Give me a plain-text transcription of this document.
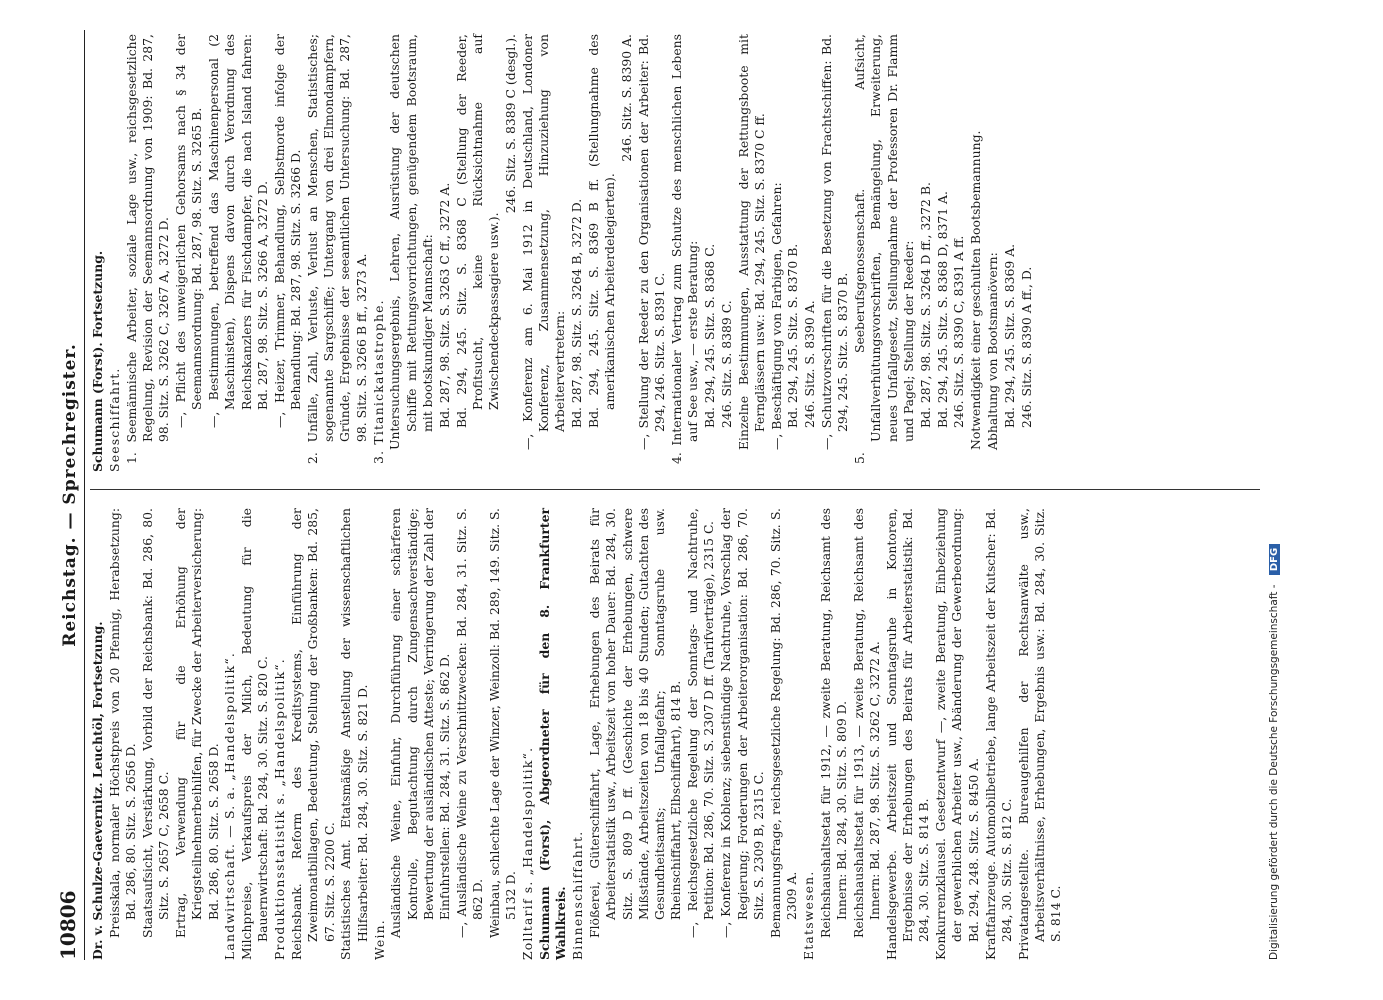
10806
Reichstag. — Sprechregister.

Dr. v. Schulze-Gaevernitz. Leuchtöl, Fortsetzung. Preisskala, normaler Höchstpreis von 20 Pfennig, Herabsetzung: Bd. 286, 80. Sitz. S. 2656 D. Staatsaufsicht, Verstärkung, Vorbild der Reichsbank: Bd. 286, 80. Sitz. S. 2657 C, 2658 C. Ertrag, Verwendung für die Erhöhung der Kriegsteilnehmerbeihilfen, für Zwecke der Arbeiterversicherung: Bd. 286, 80. Sitz. S. 2658 D. Landwirtschaft. — S. a. „Handelspolitik“. Milchpreise, Verkaufspreis der Milch, Bedeutung für die Bauernwirtschaft: Bd. 284, 30. Sitz. S. 820 C. Produktionsstatistik s. „Handelspolitik“. Reichsbank. Reform des Kreditsystems, Einführung der Zweimonatbillagen, Bedeutung, Stellung der Großbanken: Bd. 285, 67. Sitz. S. 2200 C. Statistisches Amt. Etatsmäßige Anstellung der wissenschaftlichen Hilfsarbeiter: Bd. 284, 30. Sitz. S. 821 D. Wein.

Ausländische Weine, Einfuhr, Durchführung einer schärferen Kontrolle, Begutachtung durch Zungensachverständige; Bewertung der ausländischen Atteste; Verringerung der Zahl der Einfuhrstellen: Bd. 284, 31. Sitz. S. 862 D. —, Ausländische Weine zu Verschnittzwecken: Bd. 284, 31. Sitz. S. 862 D. Weinbau, schlechte Lage der Winzer, Weinzoll: Bd. 289, 149. Sitz. S. 5132 D. Zolltarif s. „Handelspolitik“. Schumann (Forst), Abgeordneter für den 8. Frankfurter Wahlkreis. Binnenschiffahrt. Flößerei, Güterschiffahrt, Lage, Erhebungen des Beirats für Arbeiterstatistik usw., Arbeitszeit von hoher Dauer: Bd. 284, 30. Sitz. S. 809 D ff. (Geschichte der Erhebungen, schwere Mißstände, Arbeitszeiten von 18 bis 40 Stunden; Gutachten des Gesundheitsamts; Unfallgefahr; Sonntagsruhe usw. Rheinschiffahrt, Elbschiffahrt), 814 B. —, Reichsgesetzliche Regelung der Sonntags- und Nachtruhe, Petition: Bd. 286, 70. Sitz. S. 2307 D ff. (Tarifverträge), 2315 C. —, Konferenz in Koblenz; siebenstündige Nachtruhe, Vorschlag der Regierung; Forderungen der Arbeiterorganisation: Bd. 286, 70. Sitz. S. 2309 B, 2315 C. Bemannungsfrage, reichsgesetzliche Regelung: Bd. 286, 70. Sitz. S. 2309 A. Etatswesen. Reichshaushaltsetat für 1912, — zweite Beratung, Reichsamt des Innern: Bd. 284, 30. Sitz. S. 809 D. Reichshaushaltsetat für 1913, — zweite Beratung, Reichsamt des Innern: Bd. 287, 98. Sitz. S. 3262 C, 3272 A. Handelsgewerbe. Arbeitszeit und Sonntagsruhe in Kontoren, Ergebnisse der Erhebungen des Beirats für Arbeiterstatistik: Bd. 284, 30. Sitz. S. 814 B. Konkurrenzklausel. Gesetzentwurf —, zweite Beratung, Einbeziehung der gewerblichen Arbeiter usw., Abänderung der Gewerbeordnung: Bd. 294, 248. Sitz. S. 8450 A. Kraftfahrzeuge. Automobilbetriebe, lange Arbeitszeit der Kutscher: Bd. 284, 30. Sitz. S. 812 C. Privatangestellte. Bureaugehilfen der Rechtsanwälte usw., Arbeitsverhältnisse, Erhebungen, Ergebnis usw.: Bd. 284, 30. Sitz. S. 814 C.

Schumann (Forst). Fortsetzung. Seeschiffahrt. 1. Seemännische Arbeiter, soziale Lage usw., reichsgesetzliche Regelung, Revision der Seemannsordnung von 1909: Bd. 287, 98. Sitz. S. 3262 C, 3267 A, 3272 D. —, Pflicht des unweigerlichen Gehorsams nach § 34 der Seemannsordnung: Bd. 287, 98. Sitz. S. 3265 B. —, Bestimmungen, betreffend das Maschinenpersonal (2 Maschinisten), Dispens davon durch Verordnung des Reichskanzlers für Fischdampfer, die nach Island fahren: Bd. 287, 98. Sitz. S. 3266 A, 3272 D. —, Heizer, Trimmer, Behandlung, Selbstmorde infolge der Behandlung: Bd. 287, 98. Sitz. S. 3266 D. 2. Unfälle, Zahl, Verluste, Verlust an Menschen, Statistisches; sogenannte Sargschiffe; Untergang von drei Elmondampfern, Gründe, Ergebnisse der seeamtlichen Untersuchung: Bd. 287, 98. Sitz. S. 3266 B ff., 3273 A. 3. Titanickatastrophe. Untersuchungsergebnis, Lehren, Ausrüstung der deutschen Schiffe mit Rettungsvorrichtungen, genügendem Bootsraum, mit bootskundiger Mannschaft: Bd. 287, 98. Sitz. S. 3263 C ff., 3272 A. Bd. 294, 245. Sitz. S. 8368 C (Stellung der Reeder, Profitsucht, keine Rücksichtnahme auf Zwischendeckpassagiere usw.).

246. Sitz. S. 8389 C (desgl.). —, Konferenz am 6. Mai 1912 in Deutschland, Londoner Konferenz, Zusammensetzung, Hinzuziehung von Arbeitervertretern: Bd. 287, 98. Sitz. S. 3264 B, 3272 D. Bd. 294, 245. Sitz. S. 8369 B ff. (Stellungnahme des amerikanischen Arbeiterdelegierten).

246. Sitz. S. 8390 A. —, Stellung der Reeder zu den Organisationen der Arbeiter: Bd. 294, 246. Sitz. S. 8391 C. 4. Internationaler Vertrag zum Schutze des menschlichen Lebens auf See usw., — erste Beratung: Bd. 294, 245. Sitz. S. 8368 C. 246. Sitz. S. 8389 C. Einzelne Bestimmungen, Ausstattung der Rettungsboote mit Fernglässern usw.: Bd. 294, 245. Sitz. S. 8370 C ff. —, Beschäftigung von Farbigen, Gefahren: Bd. 294, 245. Sitz. S. 8370 B. 246. Sitz. S. 8390 A. —, Schutzvorschriften für die Besetzung von Frachtschiffen: Bd. 294, 245. Sitz. S. 8370 B. 5. Seeberufsgenossenschaft. Aufsicht, Unfallverhütungsvorschriften, Bemängelung, Erweiterung, neues Unfallgesetz, Stellungnahme der Professoren Dr. Flamm und Pagel; Stellung der Reeder: Bd. 287, 98. Sitz. S. 3264 D ff., 3272 B. Bd. 294, 245. Sitz. S. 8368 D, 8371 A. 246. Sitz. S. 8390 C, 8391 A ff. Notwendigkeit einer geschulten Bootsbemannung. Abhaltung von Bootsmanövern: Bd. 294, 245. Sitz. S. 8369 A. 246. Sitz. S. 8390 A ff., D.

Digitalisierung gefördert durch die Deutsche Forschungsgemeinschaft - DFG
